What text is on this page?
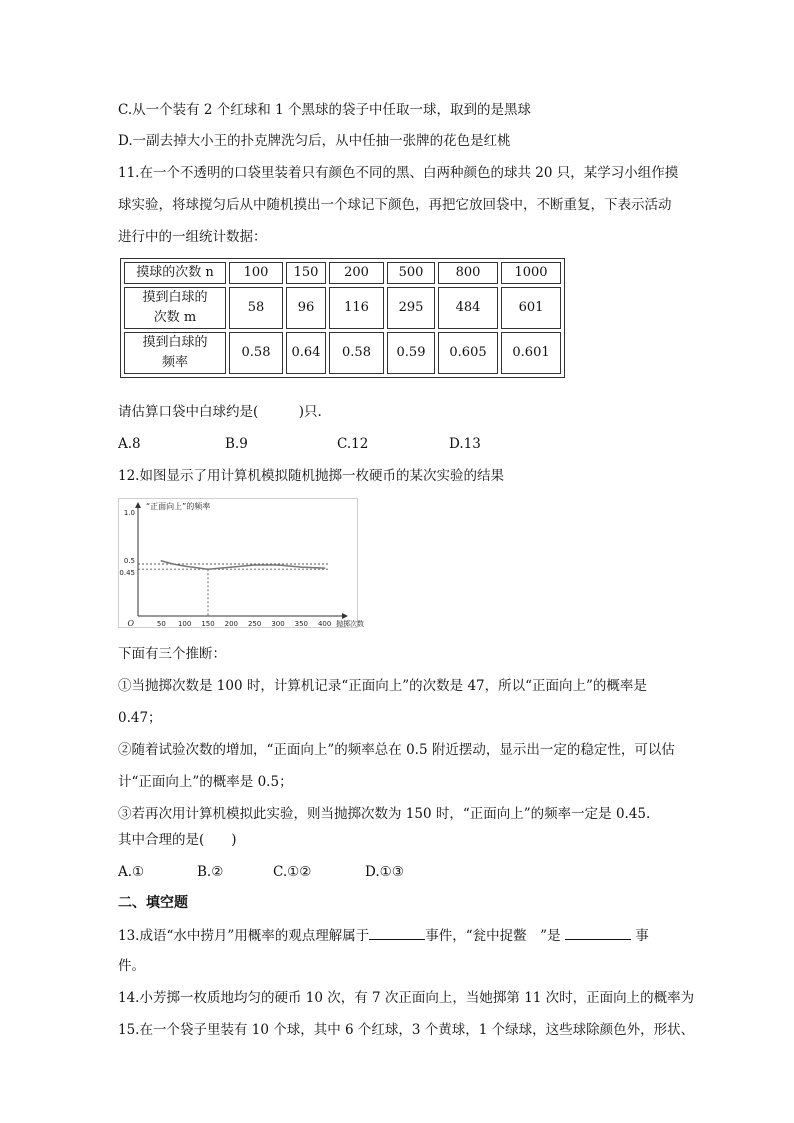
C.从一个装有 2 个红球和 1 个黑球的袋子中任取一球，取到的是黑球
D.一副去掉大小王的扑克牌洗匀后，从中任抽一张牌的花色是红桃
11.在一个不透明的口袋里装着只有颜色不同的黑、白两种颜色的球共 20 只，某学习小组作摸
球实验，将球搅匀后从中随机摸出一个球记下颜色，再把它放回袋中，不断重复，下表示活动
进行中的一组统计数据：
摸球的次数 n	100	150	200	500	800	1000

摸到白球的
次数 m	58	96	116	295	484	601

摸到白球的
频率	0.58	0.64	0.58	0.59	0.605	0.601
请估算口袋中白球约是(　　　)只.
A.8	B.9	C.12	D.13
12.如图显示了用计算机模拟随机抛掷一枚硬币的某次实验的结果
50 100 150 200 250 300 350 400
1.0
0.5
0.45
O
“正面向上”的频率
抛掷次数
下面有三个推断：
①当抛掷次数是 100 时，计算机记录“正面向上”的次数是 47，所以“正面向上”的概率是
0.47；
②随着试验次数的增加，“正面向上”的频率总在 0.5 附近摆动，显示出一定的稳定性，可以估
计“正面向上”的概率是 0.5；
③若再次用计算机模拟此实验，则当抛掷次数为 150 时，“正面向上”的频率一定是 0.45.
其中合理的是(　　)
A.①	B.②	C.①②	D.①③
二、填空题
13.成语“水中捞月”用概率的观点理解属于	事件，“瓮中捉鳖　”是	事
件。
14.小芳掷一枚质地均匀的硬币 10 次，有 7 次正面向上，当她掷第 11 次时，正面向上的概率为
15.在一个袋子里装有 10 个球，其中 6 个红球，3 个黄球，1 个绿球，这些球除颜色外，形状、
